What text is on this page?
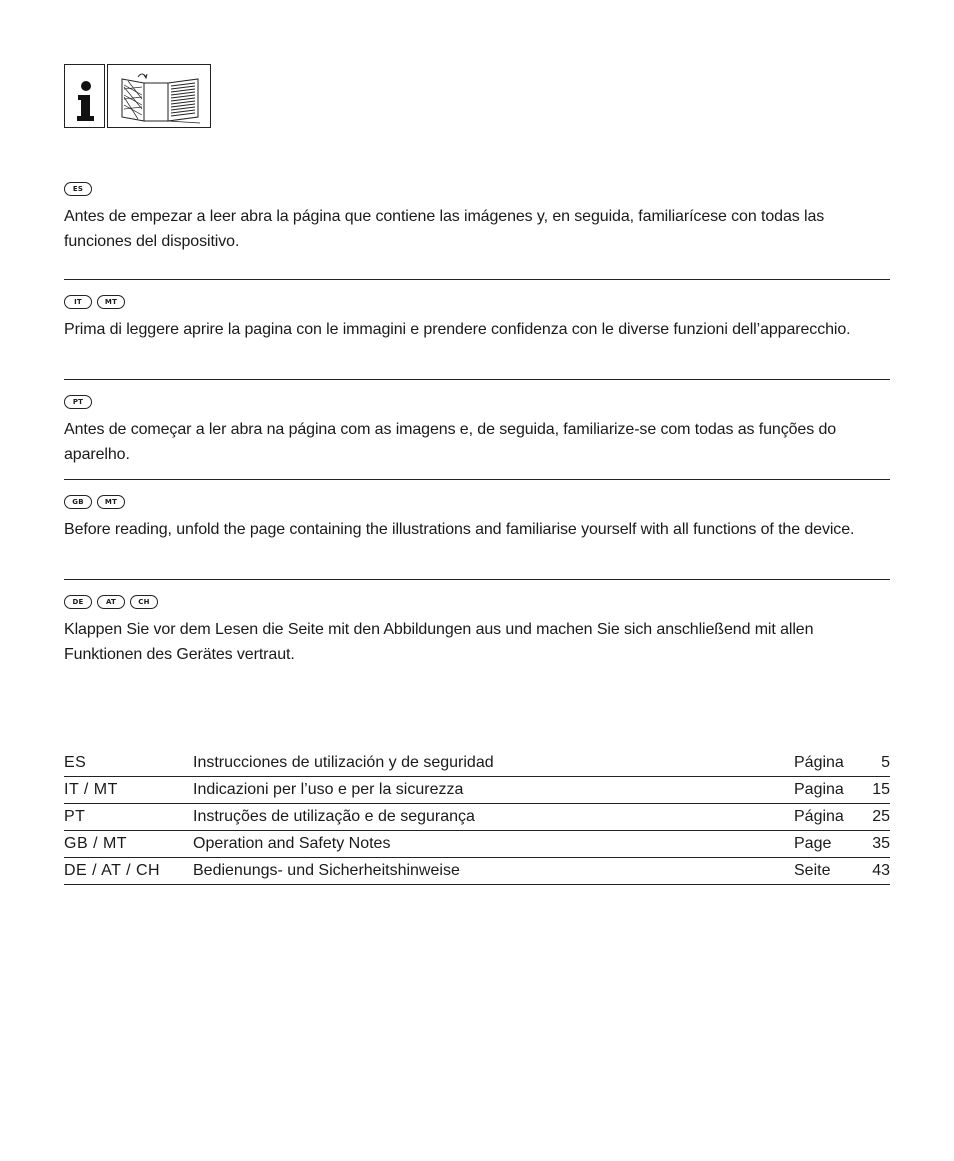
ES

Antes de empezar a leer abra la página que contiene las imágenes y, en seguida, familiarícese con todas las funciones del dispositivo.

IT	MT

Prima di leggere aprire la pagina con le immagini e prendere confidenza con le diverse funzioni dell’apparecchio.

PT

Antes de começar a ler abra na página com as imagens e, de seguida, familiarize-se com todas as funções do aparelho.

GB	MT

Before reading, unfold the page containing the illustrations and familiarise yourself with all functions of the device.

DE	AT	CH

Klappen Sie vor dem Lesen die Seite mit den Abbildungen aus und machen Sie sich anschließend mit allen Funktionen des Gerätes vertraut.

ES	Instrucciones de utilización y de seguridad	Página	5
IT / MT	Indicazioni per l’uso e per la sicurezza	Pagina	15
PT	Instruções de utilização e de segurança	Página	25
GB / MT	Operation and Safety Notes	Page	35
DE / AT / CH	Bedienungs- und Sicherheitshinweise	Seite	43
